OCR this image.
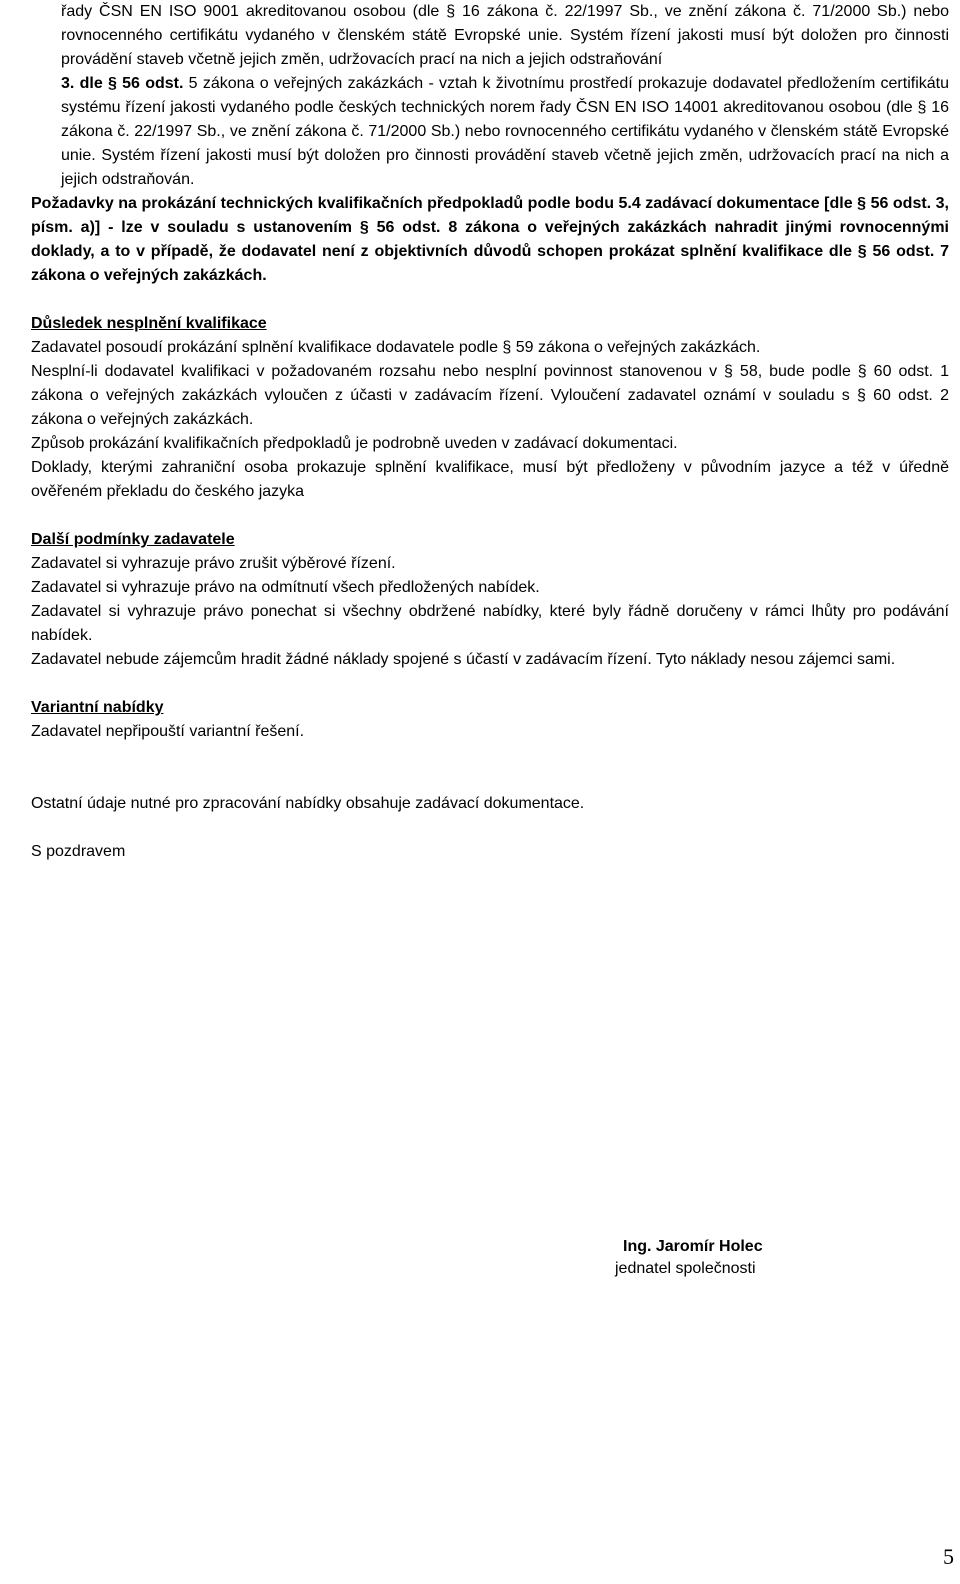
řady ČSN EN ISO 9001 akreditovanou osobou (dle § 16 zákona č. 22/1997 Sb., ve znění zákona č. 71/2000 Sb.) nebo rovnocenného certifikátu vydaného v členském státě Evropské unie. Systém řízení jakosti musí být doložen pro činnosti provádění staveb včetně jejich změn, udržovacích prací na nich a jejich odstraňování

3. dle § 56 odst. 5 zákona o veřejných zakázkách - vztah k životnímu prostředí prokazuje dodavatel předložením certifikátu systému řízení jakosti vydaného podle českých technických norem řady ČSN EN ISO 14001 akreditovanou osobou (dle § 16 zákona č. 22/1997 Sb., ve znění zákona č. 71/2000 Sb.) nebo rovnocenného certifikátu vydaného v členském státě Evropské unie. Systém řízení jakosti musí být doložen pro činnosti provádění staveb včetně jejich změn, udržovacích prací na nich a jejich odstraňován.

Požadavky na prokázání technických kvalifikačních předpokladů podle bodu 5.4 zadávací dokumentace [dle § 56 odst. 3, písm. a)] - lze v souladu s ustanovením § 56 odst. 8 zákona o veřejných zakázkách nahradit jinými rovnocennými doklady, a to v případě, že dodavatel není z objektivních důvodů schopen prokázat splnění kvalifikace dle § 56 odst. 7 zákona o veřejných zakázkách.

Důsledek nesplnění kvalifikace

Zadavatel posoudí prokázání splnění kvalifikace dodavatele podle § 59 zákona o veřejných zakázkách.

Nesplní-li dodavatel kvalifikaci v požadovaném rozsahu nebo nesplní povinnost stanovenou v § 58, bude podle § 60 odst. 1 zákona o veřejných zakázkách vyloučen z účasti v zadávacím řízení. Vyloučení zadavatel oznámí v souladu s § 60 odst. 2 zákona o veřejných zakázkách.

Způsob prokázání kvalifikačních předpokladů je podrobně uveden v zadávací dokumentaci.

Doklady, kterými zahraniční osoba prokazuje splnění kvalifikace, musí být předloženy v původním jazyce a též v úředně ověřeném překladu do českého jazyka

Další podmínky zadavatele

Zadavatel si vyhrazuje právo zrušit výběrové řízení.

Zadavatel si vyhrazuje právo na odmítnutí všech předložených nabídek.

Zadavatel si vyhrazuje právo ponechat si všechny obdržené nabídky, které byly řádně doručeny v rámci lhůty pro podávání nabídek.

Zadavatel nebude zájemcům hradit žádné náklady spojené s účastí v zadávacím řízení. Tyto náklady nesou zájemci sami.

Variantní nabídky

Zadavatel nepřipouští variantní řešení.

Ostatní údaje nutné pro zpracování nabídky obsahuje zadávací dokumentace.

S pozdravem

Ing. Jaromír Holec
jednatel společnosti
5
